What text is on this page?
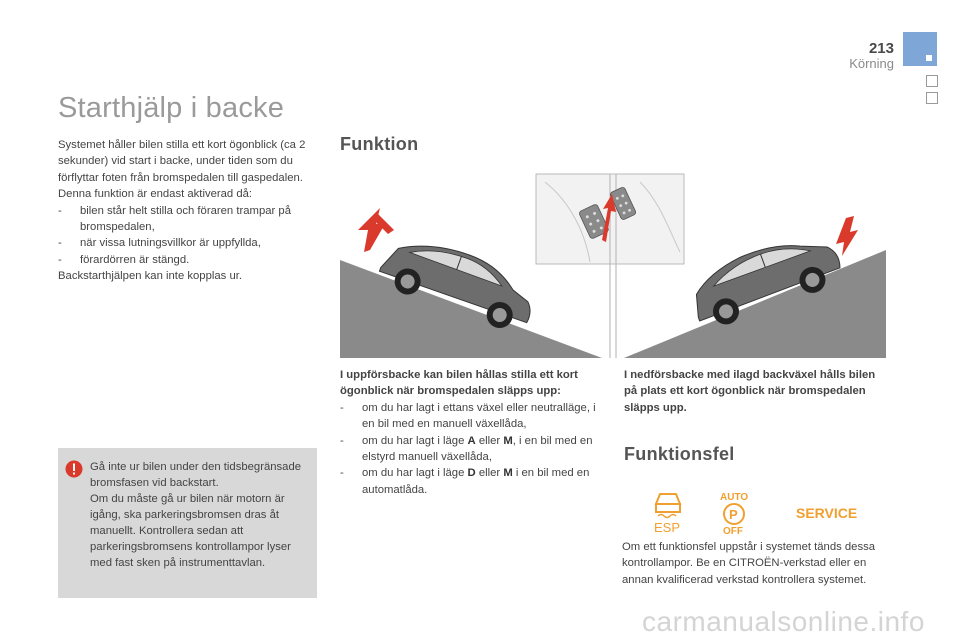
213
Körning
Starthjälp i backe

Systemet håller bilen stilla ett kort ögonblick (ca 2 sekunder) vid start i backe, under tiden som du förflyttar foten från bromspedalen till gaspedalen.

Denna funktion är endast aktiverad då:

- bilen står helt stilla och föraren trampar på bromspedalen,

- när vissa lutningsvillkor är uppfyllda,

- förardörren är stängd.

Backstarthjälpen kan inte kopplas ur.

Gå inte ur bilen under den tidsbegränsade bromsfasen vid backstart.

Om du måste gå ur bilen när motorn är igång, ska parkeringsbromsen dras åt manuellt. Kontrollera sedan att parkeringsbromsens kontrollampor lyser med fast sken på instrumenttavlan.

Funktion

I uppförsbacke kan bilen hållas stilla ett kort ögonblick när bromspedalen släpps upp:

- om du har lagt i ettans växel eller neutralläge, i en bil med en manuell växellåda,

- om du har lagt i läge A eller M, i en bil med en elstyrd manuell växellåda,

- om du har lagt i läge D eller M i en bil med en automatlåda.

I nedförsbacke med ilagd backväxel hålls bilen på plats ett kort ögonblick när bromspedalen släpps upp.
Funktionsfel
ESP
AUTO
P
OFF
SERVICE
Om ett funktionsfel uppstår i systemet tänds dessa kontrollampor. Be en CITROËN-verkstad eller en annan kvalificerad verkstad kontrollera systemet.
carmanualsonline.info
